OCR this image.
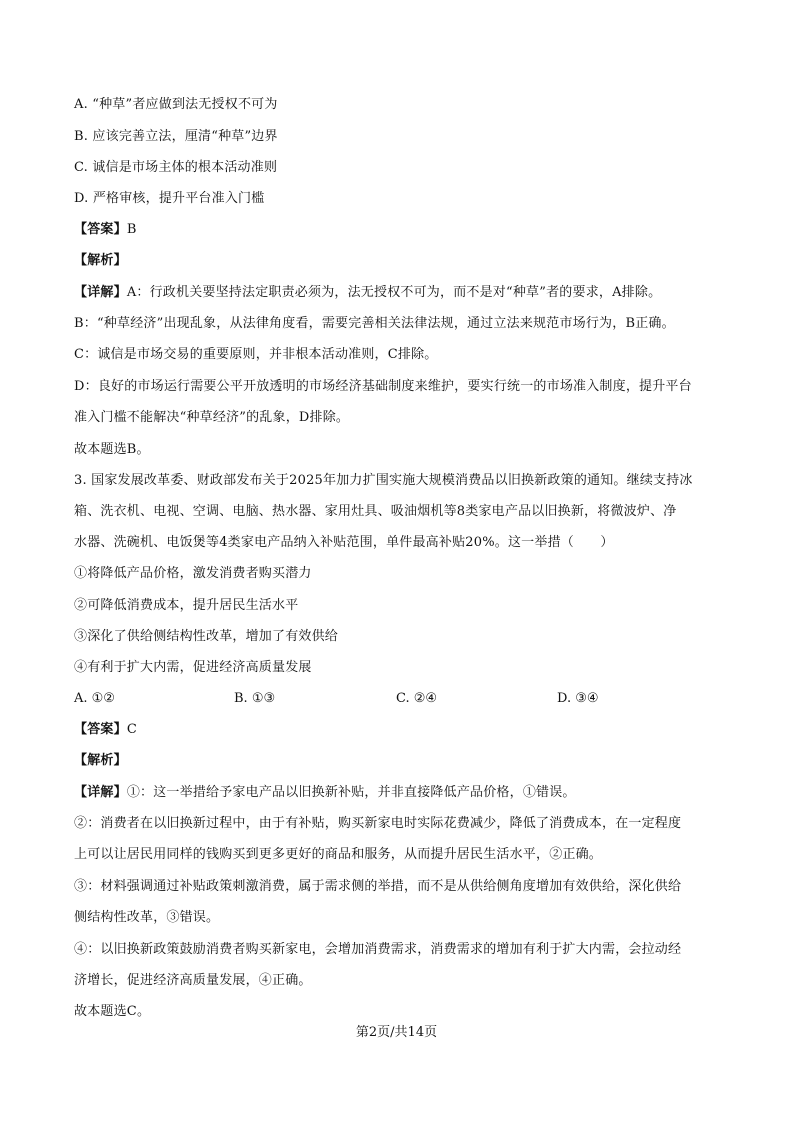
A. “种草”者应做到法无授权不可为
B. 应该完善立法，厘清“种草”边界
C. 诚信是市场主体的根本活动准则
D. 严格审核，提升平台准入门槛
【答案】B
【解析】
【详解】A：行政机关要坚持法定职责必须为，法无授权不可为，而不是对“种草”者的要求，A排除。
B：“种草经济”出现乱象，从法律角度看，需要完善相关法律法规，通过立法来规范市场行为，B正确。
C：诚信是市场交易的重要原则，并非根本活动准则，C排除。
D：良好的市场运行需要公平开放透明的市场经济基础制度来维护，要实行统一的市场准入制度，提升平台
准入门槛不能解决“种草经济”的乱象，D排除。
故本题选B。
3. 国家发展改革委、财政部发布关于2025年加力扩围实施大规模消费品以旧换新政策的通知。继续支持冰
箱、洗衣机、电视、空调、电脑、热水器、家用灶具、吸油烟机等8类家电产品以旧换新，将微波炉、净
水器、洗碗机、电饭煲等4类家电产品纳入补贴范围，单件最高补贴20%。这一举措（　　）
①将降低产品价格，激发消费者购买潜力
②可降低消费成本，提升居民生活水平
③深化了供给侧结构性改革，增加了有效供给
④有利于扩大内需，促进经济高质量发展
A. ①②	B. ①③	C. ②④	D. ③④
【答案】C
【解析】
【详解】①：这一举措给予家电产品以旧换新补贴，并非直接降低产品价格，①错误。
②：消费者在以旧换新过程中，由于有补贴，购买新家电时实际花费减少，降低了消费成本，在一定程度
上可以让居民用同样的钱购买到更多更好的商品和服务，从而提升居民生活水平，②正确。
③：材料强调通过补贴政策刺激消费，属于需求侧的举措，而不是从供给侧角度增加有效供给，深化供给
侧结构性改革，③错误。
④：以旧换新政策鼓励消费者购买新家电，会增加消费需求，消费需求的增加有利于扩大内需，会拉动经
济增长，促进经济高质量发展，④正确。
故本题选C。
第2页/共14页
